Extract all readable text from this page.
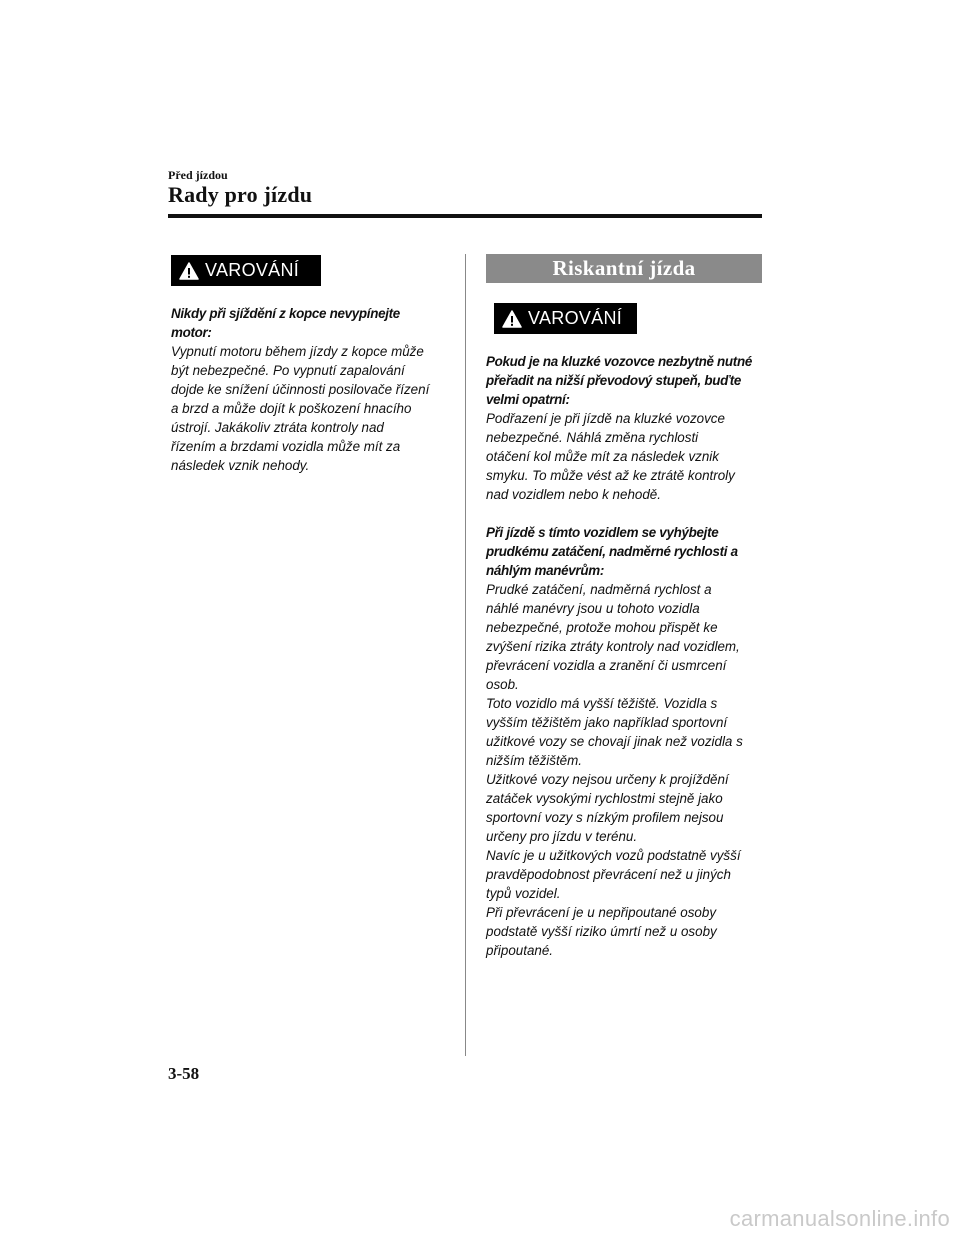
Před jízdou
Rady pro jízdu
VAROVÁNÍ

Nikdy při sjíždění z kopce nevypínejte

motor:

Vypnutí motoru během jízdy z kopce může

být nebezpečné. Po vypnutí zapalování

dojde ke snížení účinnosti posilovače řízení

a brzd a může dojít k poškození hnacího

ústrojí. Jakákoliv ztráta kontroly nad

řízením a brzdami vozidla může mít za

následek vznik nehody.

Riskantní jízda
VAROVÁNÍ

Pokud je na kluzké vozovce nezbytně nutné

přeřadit na nižší převodový stupeň, buďte

velmi opatrní:

Podřazení je při jízdě na kluzké vozovce

nebezpečné. Náhlá změna rychlosti

otáčení kol může mít za následek vznik

smyku. To může vést až ke ztrátě kontroly

nad vozidlem nebo k nehodě.

Při jízdě s tímto vozidlem se vyhýbejte

prudkému zatáčení, nadměrné rychlosti a

náhlým manévrům:

Prudké zatáčení, nadměrná rychlost a

náhlé manévry jsou u tohoto vozidla

nebezpečné, protože mohou přispět ke

zvýšení rizika ztráty kontroly nad vozidlem,

převrácení vozidla a zranění či usmrcení

osob.

Toto vozidlo má vyšší těžiště. Vozidla s

vyšším těžištěm jako například sportovní

užitkové vozy se chovají jinak než vozidla s

nižším těžištěm.

Užitkové vozy nejsou určeny k projíždění

zatáček vysokými rychlostmi stejně jako

sportovní vozy s nízkým profilem nejsou

určeny pro jízdu v terénu.

Navíc je u užitkových vozů podstatně vyšší

pravděpodobnost převrácení než u jiných

typů vozidel.

Při převrácení je u nepřipoutané osoby

podstatě vyšší riziko úmrtí než u osoby

připoutané.

3-58
carmanualsonline.info
